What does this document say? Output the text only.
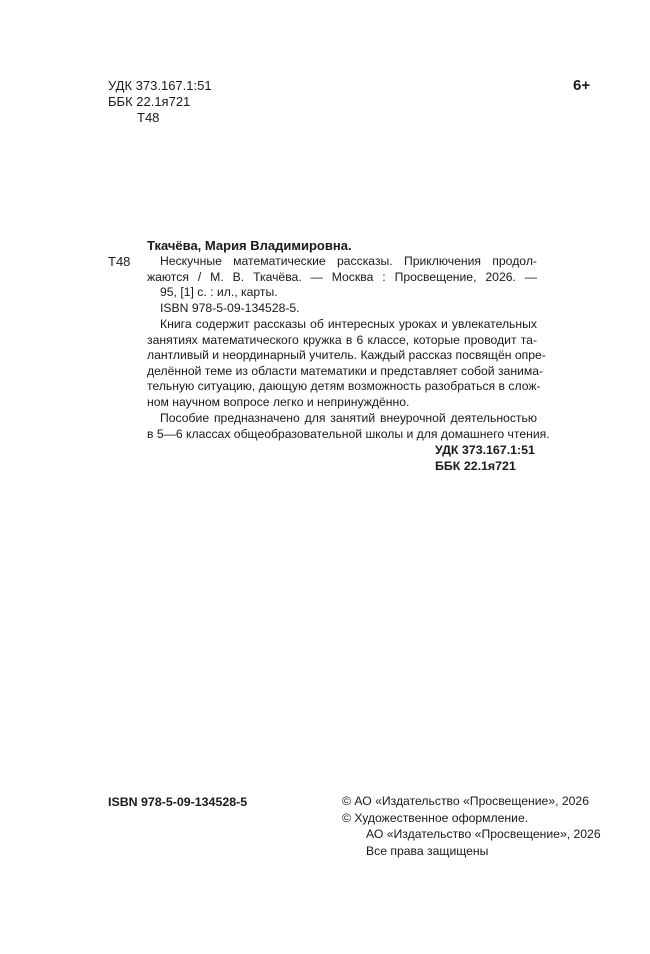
УДК 373.167.1:51
ББК 22.1я721
Т48
6+
Ткачёва, Мария Владимировна.
Т48	Нескучные математические рассказы. Приключения продол-
жаются / М. В. Ткачёва. — Москва : Просвещение, 2026. —
95, [1] с. : ил., карты.
ISBN 978-5-09-134528-5.
Книга содержит рассказы об интересных уроках и увлекательных
занятиях математического кружка в 6 классе, которые проводит та-
лантливый и неординарный учитель. Каждый рассказ посвящён опре-
делённой теме из области математики и представляет собой занима-
тельную ситуацию, дающую детям возможность разобраться в слож-
ном научном вопросе легко и непринуждённо.
Пособие предназначено для занятий внеурочной деятельностью
в 5—6 классах общеобразовательной школы и для домашнего чтения.
УДК 373.167.1:51
ББК 22.1я721
ISBN 978-5-09-134528-5	© АО «Издательство «Просвещение», 2026
© Художественное оформление.
АО «Издательство «Просвещение», 2026
Все права защищены
